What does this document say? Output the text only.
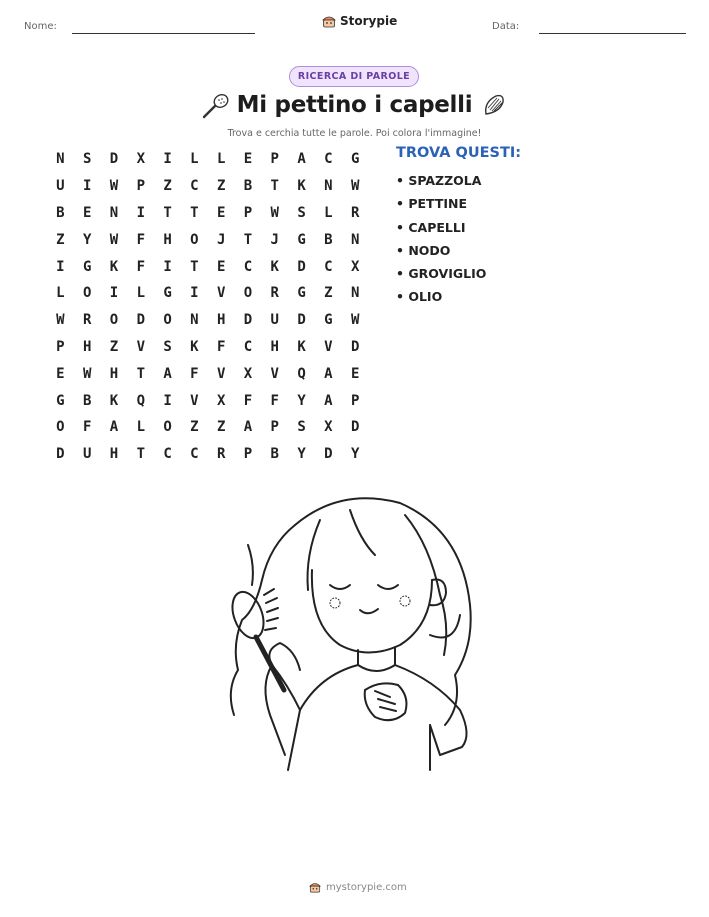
Nome:	Storypie	Data:
RICERCA DI PAROLE
Mi pettino i capelli
Trova e cerchia tutte le parole. Poi colora l'immagine!
N	S	D	X	I	L	L	E	P	A	C	G
U	I	W	P	Z	C	Z	B	T	K	N	W
B	E	N	I	T	T	E	P	W	S	L	R
Z	Y	W	F	H	O	J	T	J	G	B	N
I	G	K	F	I	T	E	C	K	D	C	X
L	O	I	L	G	I	V	O	R	G	Z	N
W	R	O	D	O	N	H	D	U	D	G	W
P	H	Z	V	S	K	F	C	H	K	V	D
E	W	H	T	A	F	V	X	V	Q	A	E
G	B	K	Q	I	V	X	F	F	Y	A	P
O	F	A	L	O	Z	Z	A	P	S	X	D
D	U	H	T	C	C	R	P	B	Y	D	Y
TROVA QUESTI:
• SPAZZOLA
• PETTINE
• CAPELLI
• NODO
• GROVIGLIO
• OLIO
mystorypie.com
